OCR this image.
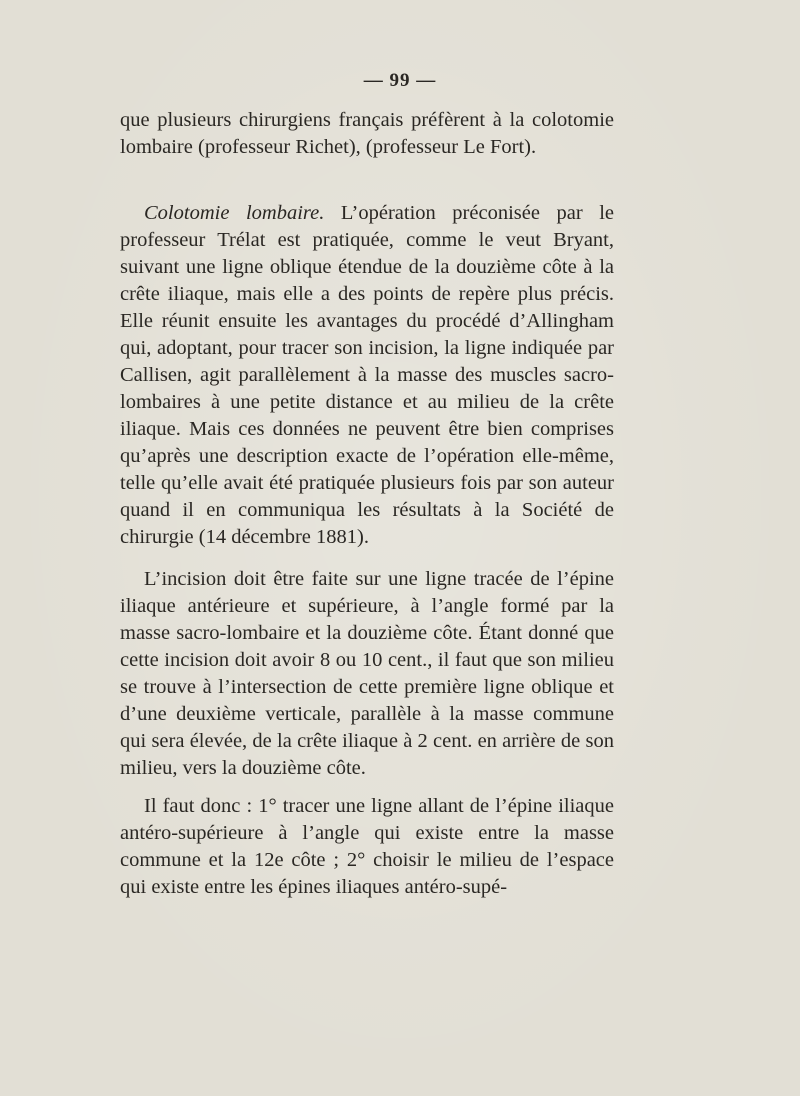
— 99 —

que plusieurs chirurgiens français préfèrent à la colotomie lombaire (professeur Richet), (professeur Le Fort).

Colotomie lombaire. L’opération préconisée par le professeur Trélat est pratiquée, comme le veut Bryant, suivant une ligne oblique étendue de la douzième côte à la crête iliaque, mais elle a des points de repère plus précis. Elle réunit ensuite les avantages du procédé d’Allingham qui, adoptant, pour tracer son incision, la ligne indiquée par Callisen, agit parallèlement à la masse des muscles sacro-lombaires à une petite distance et au milieu de la crête iliaque. Mais ces données ne peuvent être bien comprises qu’après une description exacte de l’opération elle-même, telle qu’elle avait été pratiquée plusieurs fois par son auteur quand il en communiqua les résultats à la Société de chirurgie (14 décembre 1881).

L’incision doit être faite sur une ligne tracée de l’épine iliaque antérieure et supérieure, à l’angle formé par la masse sacro-lombaire et la douzième côte. Étant donné que cette incision doit avoir 8 ou 10 cent., il faut que son milieu se trouve à l’intersection de cette première ligne oblique et d’une deuxième verticale, parallèle à la masse commune qui sera élevée, de la crête iliaque à 2 cent. en arrière de son milieu, vers la douzième côte.

Il faut donc : 1° tracer une ligne allant de l’épine iliaque antéro-supérieure à l’angle qui existe entre la masse commune et la 12e côte ; 2° choisir le milieu de l’espace qui existe entre les épines iliaques antéro-supé-
